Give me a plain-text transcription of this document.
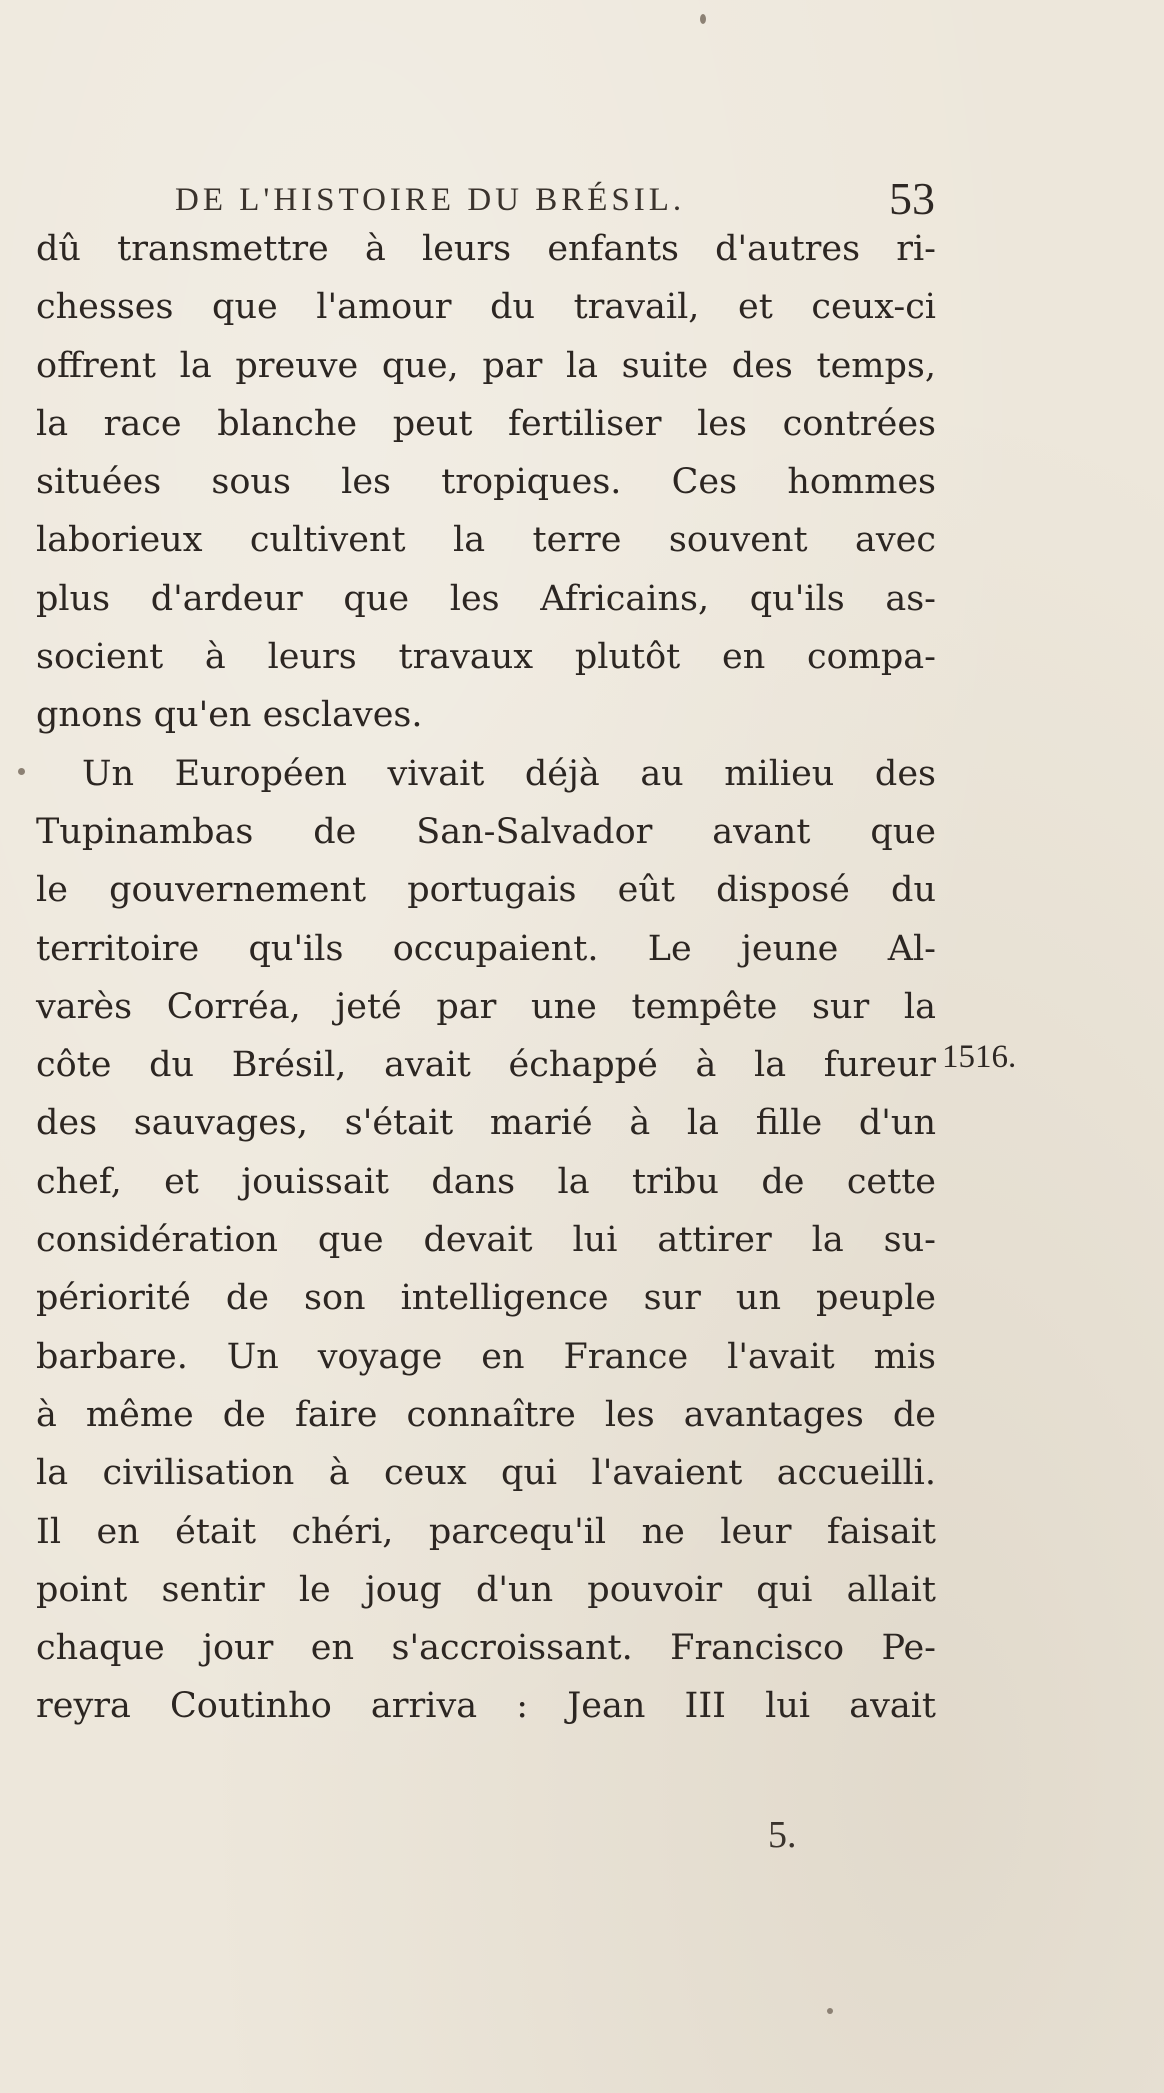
DE L'HISTOIRE DU BRÉSIL.	53
dû transmettre à leurs enfants d'autres ri-
chesses que l'amour du travail, et ceux-ci
offrent la preuve que, par la suite des temps,
la race blanche peut fertiliser les contrées
situées sous les tropiques. Ces hommes
laborieux cultivent la terre souvent avec
plus d'ardeur que les Africains, qu'ils as-
socient à leurs travaux plutôt en compa-
gnons qu'en esclaves.
Un Européen vivait déjà au milieu des
Tupinambas de San-Salvador avant que
le gouvernement portugais eût disposé du
territoire qu'ils occupaient. Le jeune Al-
varès Corréa, jeté par une tempête sur la
côte du Brésil, avait échappé à la fureur
des sauvages, s'était marié à la fille d'un
chef, et jouissait dans la tribu de cette
considération que devait lui attirer la su-
périorité de son intelligence sur un peuple
barbare. Un voyage en France l'avait mis
à même de faire connaître les avantages de
la civilisation à ceux qui l'avaient accueilli.
Il en était chéri, parcequ'il ne leur faisait
point sentir le joug d'un pouvoir qui allait
chaque jour en s'accroissant. Francisco Pe-
reyra Coutinho arriva : Jean III lui avait
1516.
5.
